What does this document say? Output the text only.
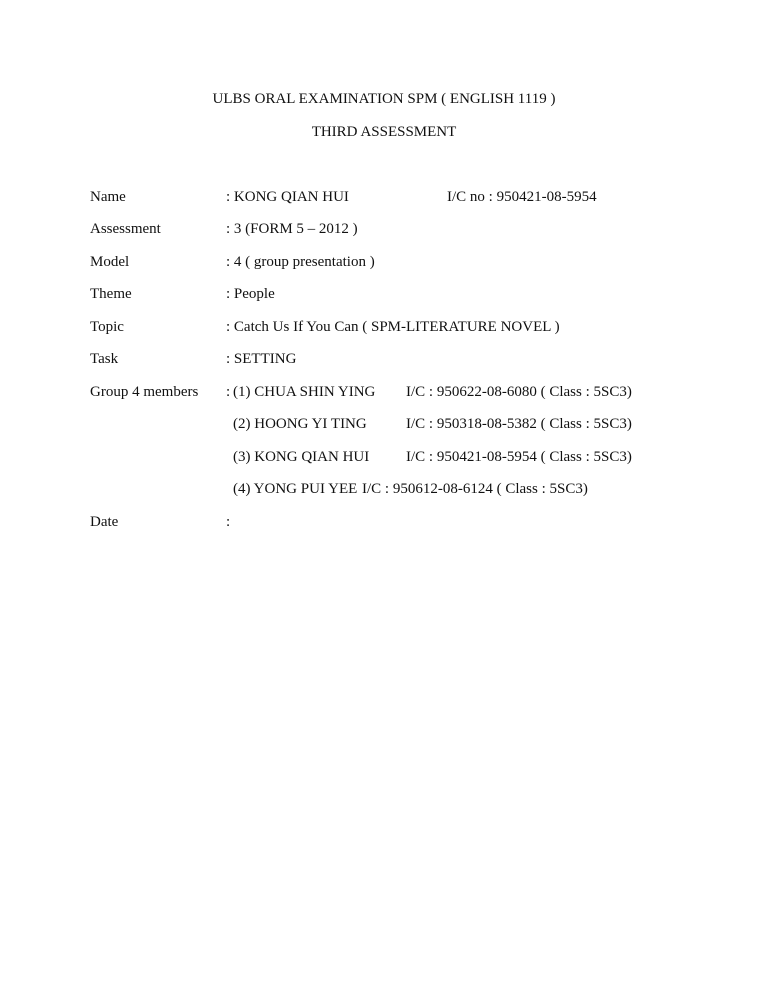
ULBS ORAL EXAMINATION SPM ( ENGLISH 1119 )
THIRD ASSESSMENT
Name	: KONG QIAN HUI	I/C no : 950421-08-5954
Assessment	: 3 (FORM 5 – 2012 )
Model	: 4 ( group presentation )
Theme	: People
Topic	: Catch Us If You Can ( SPM-LITERATURE NOVEL )
Task	: SETTING
Group 4 members : (1) CHUA SHIN YING I/C : 950622-08-6080 ( Class : 5SC3)
(2) HOONG YI TING	I/C : 950318-08-5382 ( Class : 5SC3)
(3) KONG QIAN HUI I/C : 950421-08-5954 ( Class : 5SC3)
(4) YONG PUI YEE I/C : 950612-08-6124 ( Class : 5SC3)
Date	:
